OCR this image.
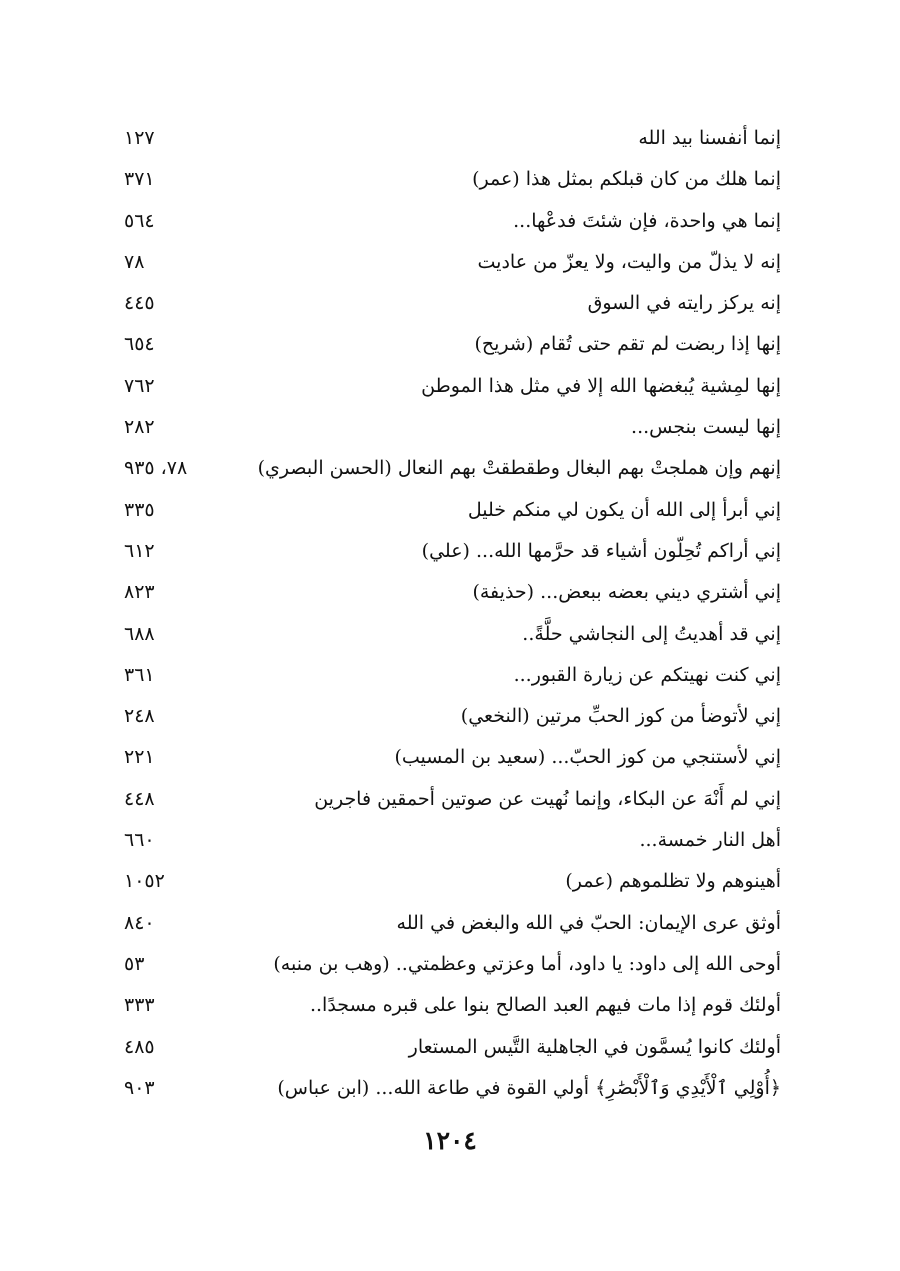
إنما أنفسنا بيد الله
١٢٧
إنما هلك من كان قبلكم بمثل هذا (عمر)
٣٧١
إنما هي واحدة، فإن شئتَ فدعْها...
٥٦٤
إنه لا يذلّ من واليت، ولا يعزّ من عاديت
٧٨
إنه يركز رايته في السوق
٤٤٥
إنها إذا ربضت لم تقم حتى تُقام (شريح)
٦٥٤
إنها لمِشية يُبغضها الله إلا في مثل هذا الموطن
٧٦٢
إنها ليست بنجس...
٢٨٢
إنهم وإن هملجتْ بهم البغال وطقطقتْ بهم النعال (الحسن البصري)
٧٨، ٩٣٥
إني أبرأ إلى الله أن يكون لي منكم خليل
٣٣٥
إني أراكم تُحِلّون أشياء قد حرَّمها الله... (علي)
٦١٢
إني أشتري ديني بعضه ببعض... (حذيفة)
٨٢٣
إني قد أهديتُ إلى النجاشي حلَّةً..
٦٨٨
إني كنت نهيتكم عن زيارة القبور...
٣٦١
إني لأتوضأ من كوز الحبِّ مرتين (النخعي)
٢٤٨
إني لأستنجي من كوز الحبّ... (سعيد بن المسيب)
٢٢١
إني لم أَنْهَ عن البكاء، وإنما نُهيت عن صوتين أحمقين فاجرين
٤٤٨
أهل النار خمسة...
٦٦٠
أهينوهم ولا تظلموهم (عمر)
١٠٥٢
أوثق عرى الإيمان: الحبّ في الله والبغض في الله
٨٤٠
أوحى الله إلى داود: يا داود، أما وعزتي وعظمتي.. (وهب بن منبه)
٥٣
أولئك قوم إذا مات فيهم العبد الصالح بنوا على قبره مسجدًا..
٣٣٣
أولئك كانوا يُسمَّون في الجاهلية التَّيس المستعار
٤٨٥
﴿أُوْلِي ٱلْأَيْدِي وَٱلْأَبْصَٰرِ﴾ أولي القوة في طاعة الله... (ابن عباس)
٩٠٣
١٢٠٤
